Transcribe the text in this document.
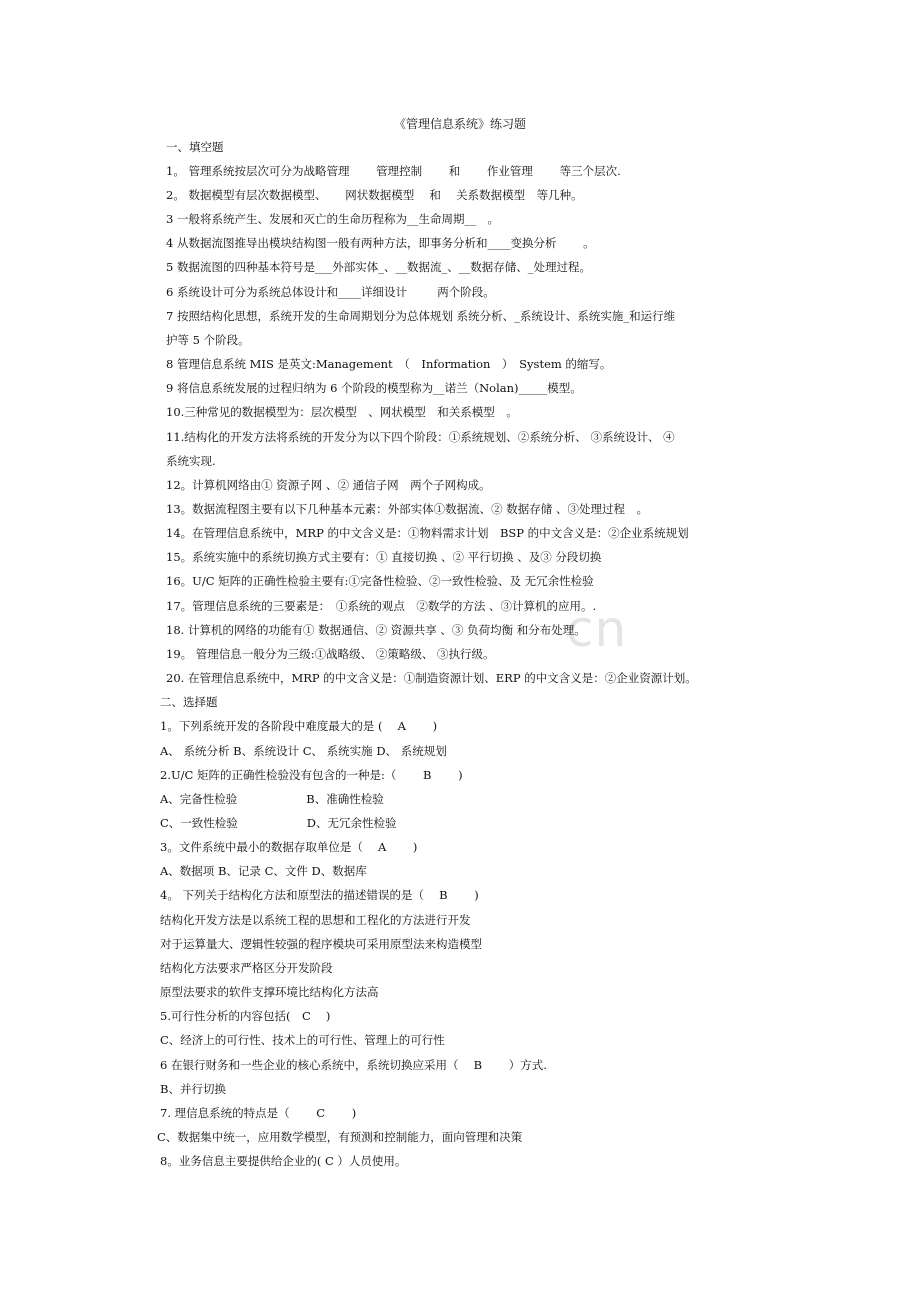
cn
《管理信息系统》练习题
一、填空题
1。 管理系统按层次可分为战略管理　 　管理控制　 　和　 　作业管理　 　等三个层次.
2。 数据模型有层次数据模型、 　 网状数据模型　 和　 关系数据模型　等几种。
3 一般将系统产生、发展和灭亡的生命历程称为__生命周期__　。
4 从数据流图推导出模块结构图一般有两种方法，即事务分析和____变换分析　 　。
5 数据流图的四种基本符号是___外部实体_、__数据流_、__数据存储、_处理过程。
6 系统设计可分为系统总体设计和____详细设计　 　 两个阶段。
7 按照结构化思想，系统开发的生命周期划分为总体规划 系统分析、_系统设计、系统实施_和运行维
护等 5 个阶段。
8 管理信息系统 MIS 是英文:Management　（　Information　）　System 的缩写。
9 将信息系统发展的过程归纳为 6 个阶段的模型称为__诺兰（Nolan)_____模型。
10.三种常见的数据模型为：层次模型　、网状模型　和关系模型　。
11.结构化的开发方法将系统的开发分为以下四个阶段：①系统规划、②系统分析、 ③系统设计、 ④
系统实现.
12。计算机网络由① 资源子网 、② 通信子网　两个子网构成。
13。数据流程图主要有以下几种基本元素：外部实体①数据流、② 数据存储 、③处理过程　。
14。在管理信息系统中，MRP 的中文含义是：①物料需求计划　BSP 的中文含义是：②企业系统规划
15。系统实施中的系统切换方式主要有：① 直接切换 、② 平行切换 、及③ 分段切换
16。U/C 矩阵的正确性检验主要有:①完备性检验、②一致性检验、及 无冗余性检验
17。管理信息系统的三要素是：　①系统的观点　②数学的方法 、③计算机的应用。.
18. 计算机的网络的功能有① 数据通信、② 资源共享 、③ 负荷均衡 和分布处理。
19。 管理信息一般分为三级:①战略级、 ②策略级、 ③执行级。
20. 在管理信息系统中，MRP 的中文含义是：①制造资源计划、ERP 的中文含义是：②企业资源计划。
二、选择题
1。下列系统开发的各阶段中难度最大的是 (　 A　 　)
A、 系统分析 B、系统设计 C、 系统实施 D、 系统规划
2.U/C 矩阵的正确性检验没有包含的一种是:（　 　B　 　)
A、完备性检验　　　　　　B、准确性检验
C、一致性检验　　　　　　D、无冗余性检验
3。文件系统中最小的数据存取单位是（　 A　 　)
A、数据项 B、记录 C、文件 D、数据库
4。 下列关于结构化方法和原型法的描述错误的是（　 B　 　)
结构化开发方法是以系统工程的思想和工程化的方法进行开发
对于运算量大、逻辑性较强的程序模块可采用原型法来构造模型
结构化方法要求严格区分开发阶段
原型法要求的软件支撑环境比结构化方法高
5.可行性分析的内容包括(　C　 )
C、经济上的可行性、技术上的可行性、管理上的可行性
6 在银行财务和一些企业的核心系统中，系统切换应采用（　 B　 　）方式.
B、并行切换
7. 理信息系统的特点是（　 　C　 　)
C、数据集中统一，应用数学模型，有预测和控制能力，面向管理和决策
8。业务信息主要提供给企业的( C ）人员使用。
